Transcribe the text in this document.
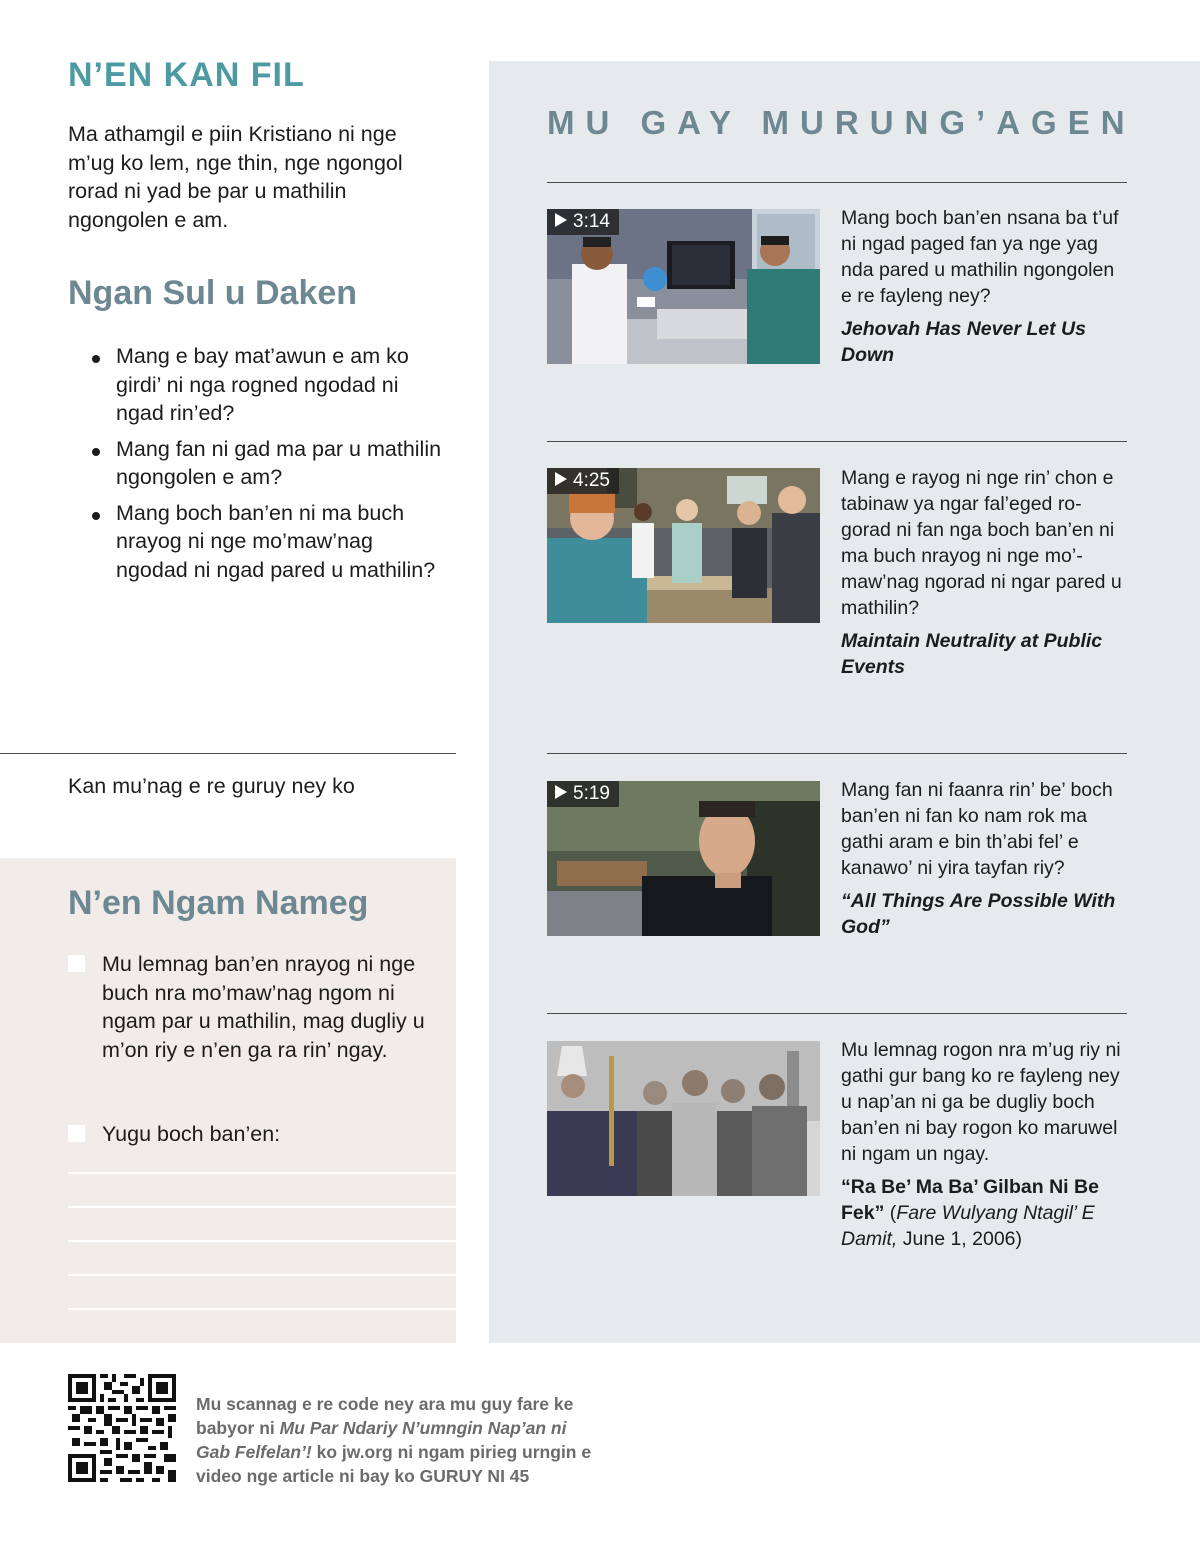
N’EN KAN FIL

Ma athamgil e piin Kristiano ni nge m’ug ko lem, nge thin, nge ngongol rorad ni yad be par u mathilin ngongolen e am.

Ngan Sul u Daken
Mang e bay mat’awun e am ko girdi’ ni nga rogned ngodad ni ngad rin’ed?
Mang fan ni gad ma par u mathilin ngongolen e am?
Mang boch ban’en ni ma buch nrayog ni nge mo’maw’nag ngodad ni ngad pared u mathilin?

Kan mu’nag e re guruy ney ko

N’en Ngam Nameg
Mu lemnag ban’en nrayog ni nge buch nra mo’maw’nag ngom ni ngam par u mathilin, mag dugliy u m’on riy e n’en ga ra rin’ ngay.
Yugu boch ban’en:
MU GAY MURUNG’AGEN
3:14	Mang boch ban’en nsana ba t’uf ni ngad paged fan ya nge yag nda pared u mathilin ngongolen e re fayleng ney?
Jehovah Has Never Let Us Down
4:25	Mang e rayog ni nge rin’ chon e tabinaw ya ngar fal’eged ro-gorad ni fan nga boch ban’en ni ma buch nrayog ni nge mo’-maw’nag ngorad ni ngar pared u mathilin?
Maintain Neutrality at Public Events
5:19	Mang fan ni faanra rin’ be’ boch ban’en ni fan ko nam rok ma gathi aram e bin th’abi fel’ e kanawo’ ni yira tayfan riy?
“All Things Are Possible With God”
Mu lemnag rogon nra m’ug riy ni gathi gur bang ko re fayleng ney u nap’an ni ga be dugliy boch ban’en ni bay rogon ko maruwel ni ngam un ngay.
“Ra Be’ Ma Ba’ Gilban Ni Be Fek” (Fare Wulyang Ntagil’ E Damit, June 1, 2006)

Mu scannag e re code ney ara mu guy fare ke babyor ni Mu Par Ndariy N’umngin Nap’an ni Gab Felfelan’! ko jw.org ni ngam pirieg urngin e video nge article ni bay ko GURUY NI 45
